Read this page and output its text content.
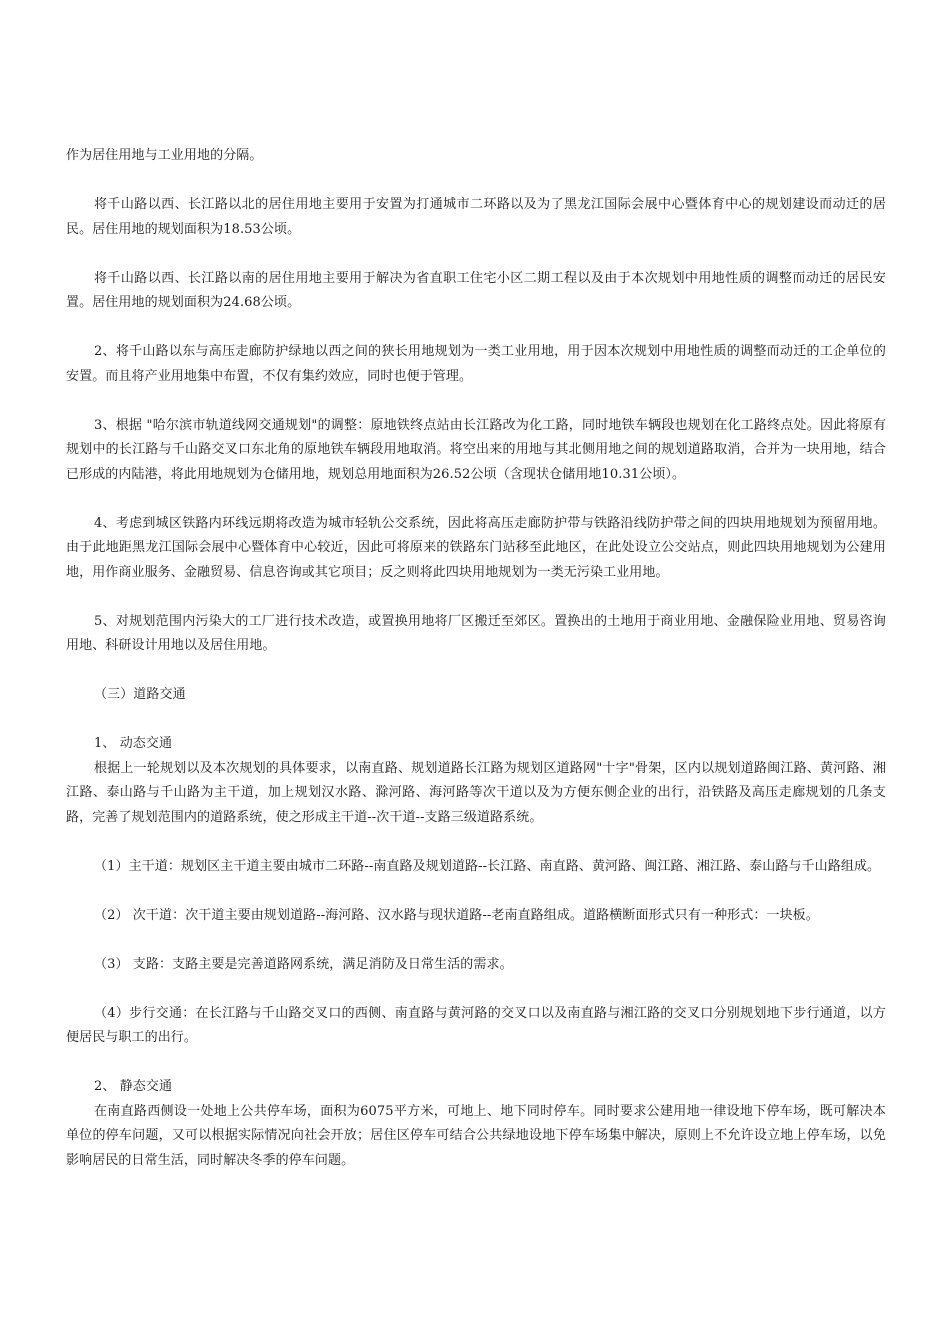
作为居住用地与工业用地的分隔。

将千山路以西、长江路以北的居住用地主要用于安置为打通城市二环路以及为了黑龙江国际会展中心暨体育中心的规划建设而动迁的居民。居住用地的规划面积为18.53公顷。

将千山路以西、长江路以南的居住用地主要用于解决为省直职工住宅小区二期工程以及由于本次规划中用地性质的调整而动迁的居民安置。居住用地的规划面积为24.68公顷。

2、将千山路以东与高压走廊防护绿地以西之间的狭长用地规划为一类工业用地，用于因本次规划中用地性质的调整而动迁的工企单位的安置。而且将产业用地集中布置，不仅有集约效应，同时也便于管理。

3、根据 "哈尔滨市轨道线网交通规划"的调整：原地铁终点站由长江路改为化工路，同时地铁车辆段也规划在化工路终点处。因此将原有规划中的长江路与千山路交叉口东北角的原地铁车辆段用地取消。将空出来的用地与其北侧用地之间的规划道路取消，合并为一块用地，结合已形成的内陆港，将此用地规划为仓储用地，规划总用地面积为26.52公顷（含现状仓储用地10.31公顷）。

4、考虑到城区铁路内环线远期将改造为城市轻轨公交系统，因此将高压走廊防护带与铁路沿线防护带之间的四块用地规划为预留用地。由于此地距黑龙江国际会展中心暨体育中心较近，因此可将原来的铁路东门站移至此地区，在此处设立公交站点，则此四块用地规划为公建用地，用作商业服务、金融贸易、信息咨询或其它项目；反之则将此四块用地规划为一类无污染工业用地。

5、对规划范围内污染大的工厂进行技术改造，或置换用地将厂区搬迁至郊区。置换出的土地用于商业用地、金融保险业用地、贸易咨询用地、科研设计用地以及居住用地。

（三）道路交通

1、 动态交通

根据上一轮规划以及本次规划的具体要求，以南直路、规划道路长江路为规划区道路网"十字"骨架，区内以规划道路闽江路、黄河路、湘江路、泰山路与千山路为主干道，加上规划汉水路、滁河路、海河路等次干道以及为方便东侧企业的出行，沿铁路及高压走廊规划的几条支路，完善了规划范围内的道路系统，使之形成主干道--次干道--支路三级道路系统。

（1）主干道：规划区主干道主要由城市二环路--南直路及规划道路--长江路、南直路、黄河路、闽江路、湘江路、泰山路与千山路组成。

（2） 次干道：次干道主要由规划道路--海河路、汉水路与现状道路--老南直路组成。道路横断面形式只有一种形式：一块板。

（3） 支路：支路主要是完善道路网系统，满足消防及日常生活的需求。

（4）步行交通：在长江路与千山路交叉口的西侧、南直路与黄河路的交叉口以及南直路与湘江路的交叉口分别规划地下步行通道，以方便居民与职工的出行。

2、 静态交通

在南直路西侧设一处地上公共停车场，面积为6075平方米，可地上、地下同时停车。同时要求公建用地一律设地下停车场，既可解决本单位的停车问题，又可以根据实际情况向社会开放；居住区停车可结合公共绿地设地下停车场集中解决，原则上不允许设立地上停车场，以免影响居民的日常生活，同时解决冬季的停车问题。
